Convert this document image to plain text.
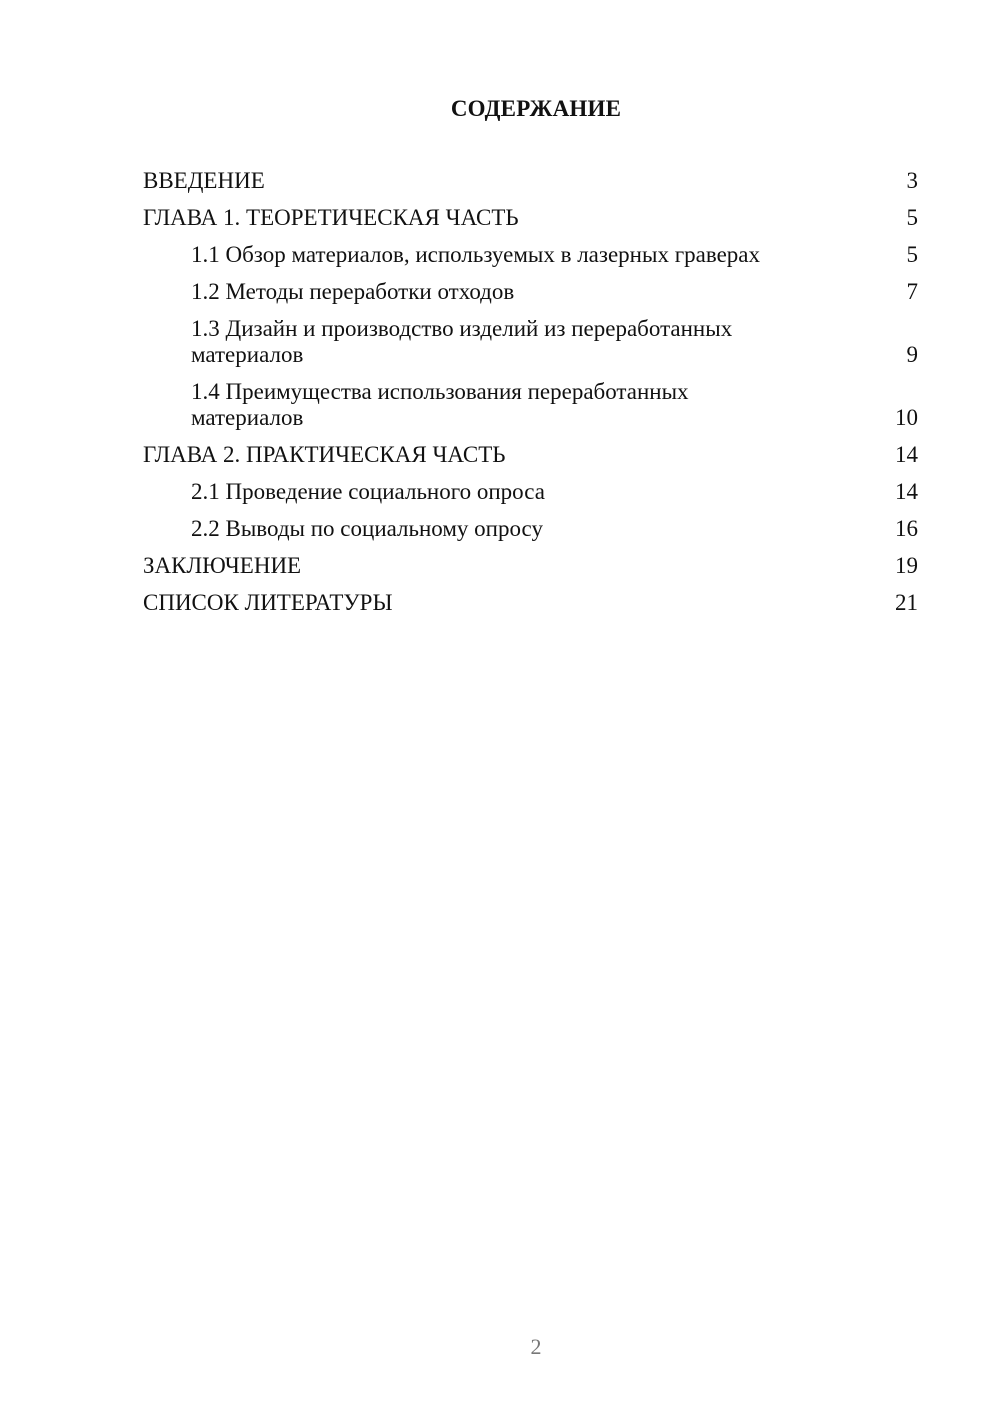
СОДЕРЖАНИЕ
ВВЕДЕНИЕ	3
ГЛАВА 1. ТЕОРЕТИЧЕСКАЯ ЧАСТЬ	5
1.1 Обзор материалов, используемых в лазерных граверах	5
1.2 Методы переработки отходов	7
1.3 Дизайн и производство изделий из переработанных материалов	9
1.4 Преимущества использования переработанных материалов	10
ГЛАВА 2. ПРАКТИЧЕСКАЯ ЧАСТЬ	14
2.1 Проведение социального опроса	14
2.2 Выводы по социальному опросу	16
ЗАКЛЮЧЕНИЕ	19
СПИСОК ЛИТЕРАТУРЫ	21
2
